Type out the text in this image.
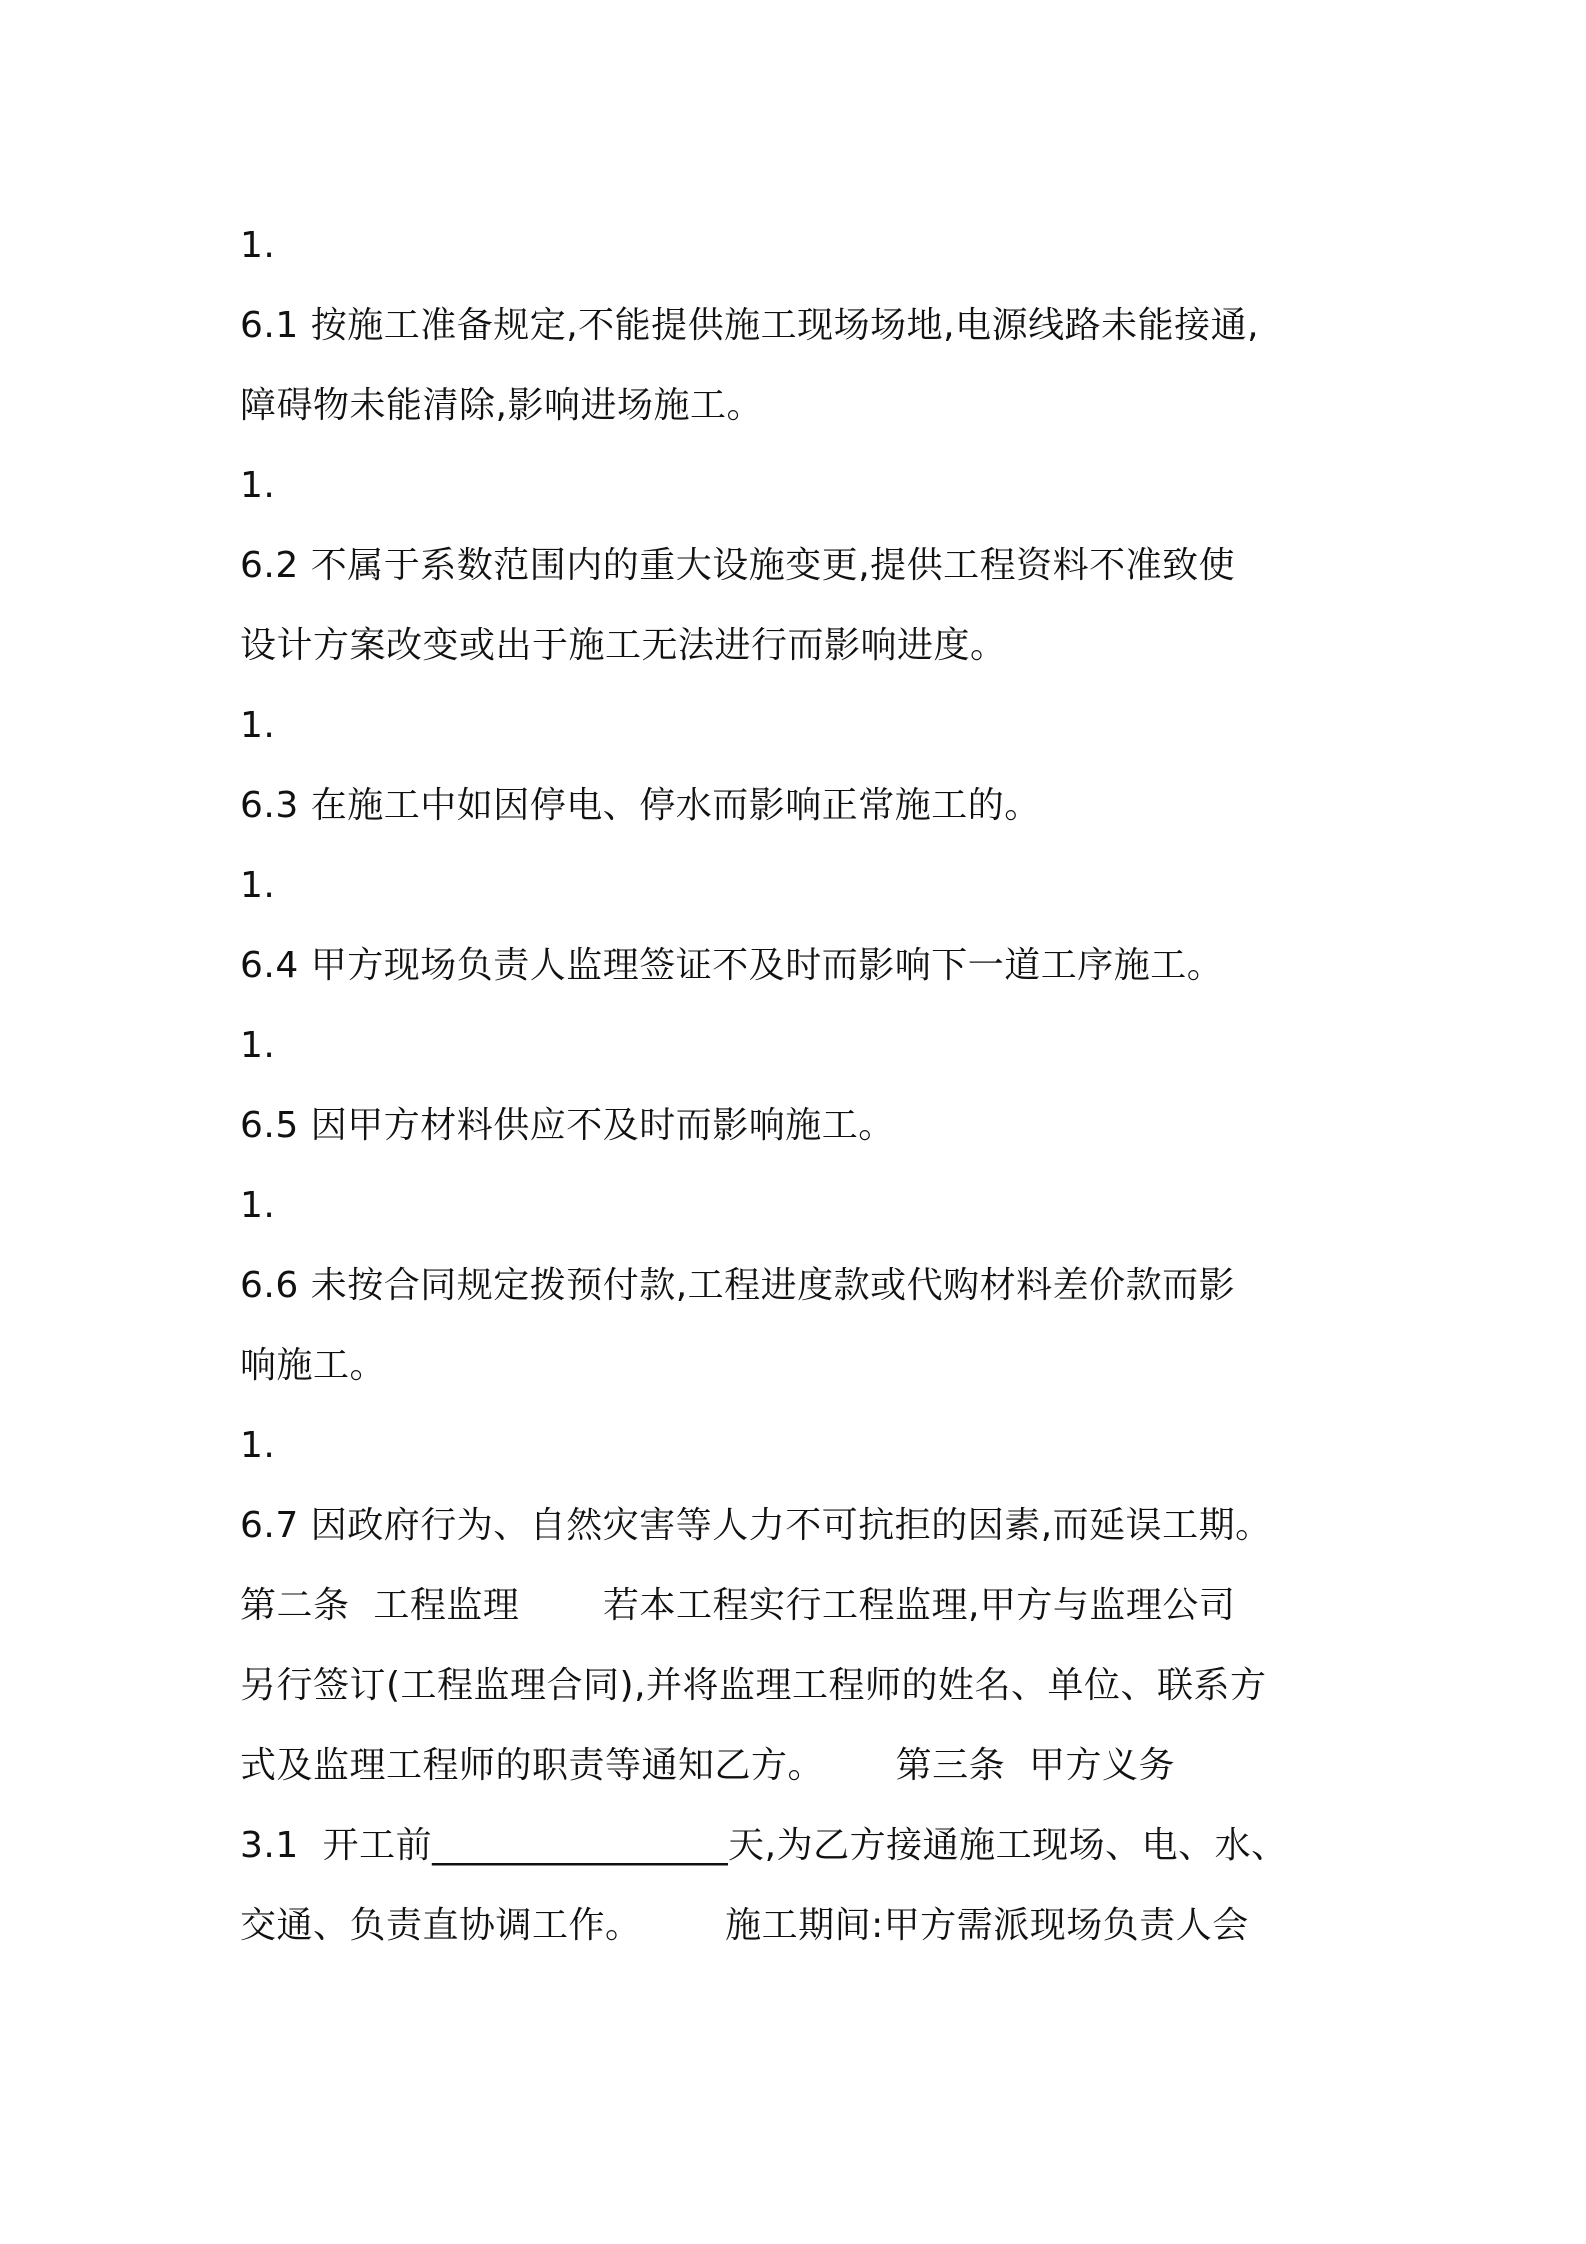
1.
6.1 按施工准备规定,不能提供施工现场场地,电源线路未能接通,
障碍物未能清除,影响进场施工。
1.
6.2 不属于系数范围内的重大设施变更,提供工程资料不准致使
设计方案改变或出于施工无法进行而影响进度。
1.
6.3 在施工中如因停电、停水而影响正常施工的。
1.
6.4 甲方现场负责人监理签证不及时而影响下一道工序施工。
1.
6.5 因甲方材料供应不及时而影响施工。
1.
6.6 未按合同规定拨预付款,工程进度款或代购材料差价款而影
响施工。
1.
6.7 因政府行为、自然灾害等人力不可抗拒的因素,而延误工期。
第二条  工程监理       若本工程实行工程监理,甲方与监理公司
另行签订(工程监理合同),并将监理工程师的姓名、单位、联系方
式及监理工程师的职责等通知乙方。      第三条  甲方义务
3.1  开工前________________天,为乙方接通施工现场、电、水、
交通、负责直协调工作。       施工期间:甲方需派现场负责人会
